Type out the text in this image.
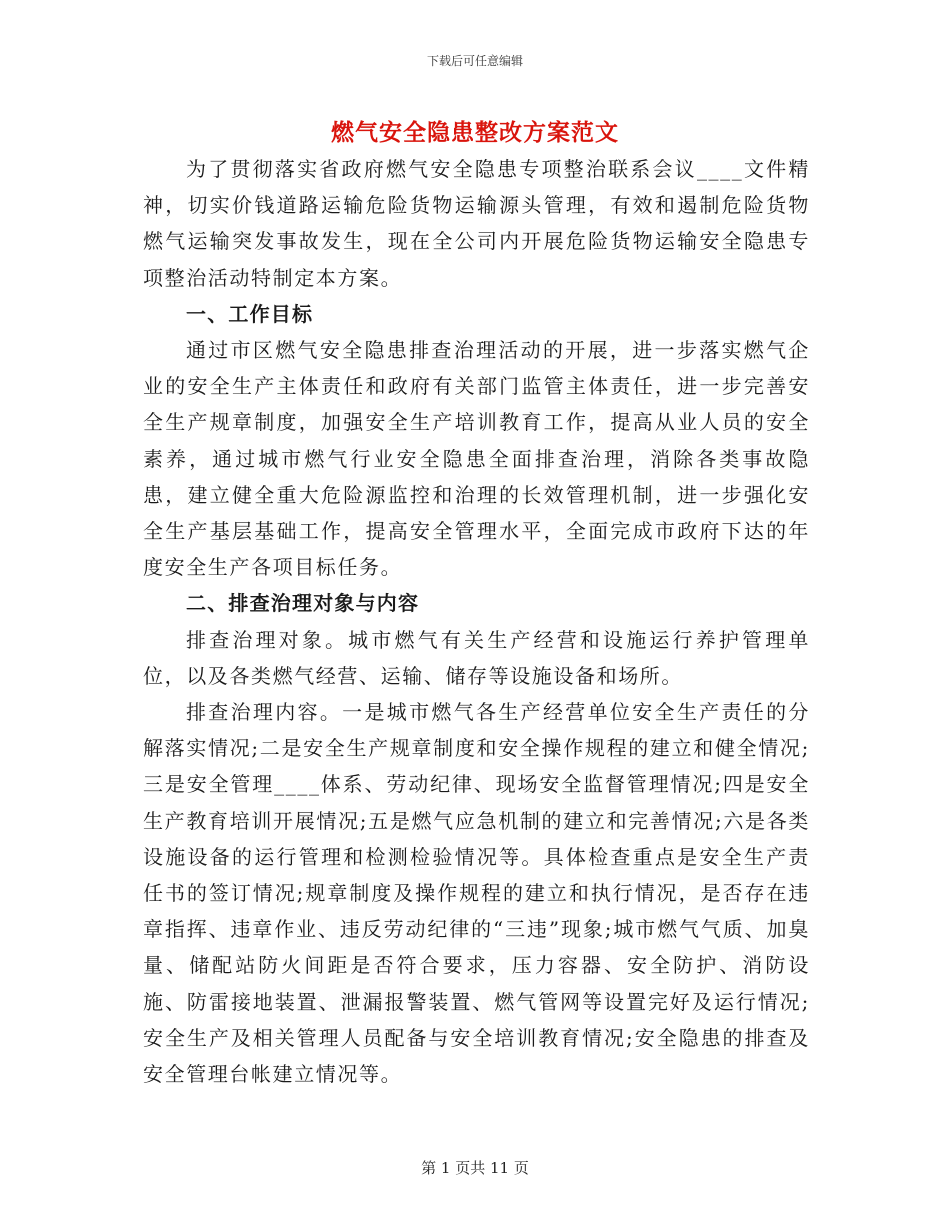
下载后可任意编辑
燃气安全隐患整改方案范文

为了贯彻落实省政府燃气安全隐患专项整治联系会议____文件精神，切实价钱道路运输危险货物运输源头管理，有效和遏制危险货物燃气运输突发事故发生，现在全公司内开展危险货物运输安全隐患专项整治活动特制定本方案。

一、工作目标

通过市区燃气安全隐患排查治理活动的开展，进一步落实燃气企业的安全生产主体责任和政府有关部门监管主体责任，进一步完善安全生产规章制度，加强安全生产培训教育工作，提高从业人员的安全素养，通过城市燃气行业安全隐患全面排查治理，消除各类事故隐患，建立健全重大危险源监控和治理的长效管理机制，进一步强化安全生产基层基础工作，提高安全管理水平，全面完成市政府下达的年度安全生产各项目标任务。

二、排查治理对象与内容

排查治理对象。城市燃气有关生产经营和设施运行养护管理单位，以及各类燃气经营、运输、储存等设施设备和场所。

排查治理内容。一是城市燃气各生产经营单位安全生产责任的分解落实情况;二是安全生产规章制度和安全操作规程的建立和健全情况;三是安全管理____体系、劳动纪律、现场安全监督管理情况;四是安全生产教育培训开展情况;五是燃气应急机制的建立和完善情况;六是各类设施设备的运行管理和检测检验情况等。具体检查重点是安全生产责任书的签订情况;规章制度及操作规程的建立和执行情况，是否存在违章指挥、违章作业、违反劳动纪律的“三违”现象;城市燃气气质、加臭量、储配站防火间距是否符合要求，压力容器、安全防护、消防设施、防雷接地装置、泄漏报警装置、燃气管网等设置完好及运行情况;安全生产及相关管理人员配备与安全培训教育情况;安全隐患的排查及安全管理台帐建立情况等。

第 1 页共 11 页
